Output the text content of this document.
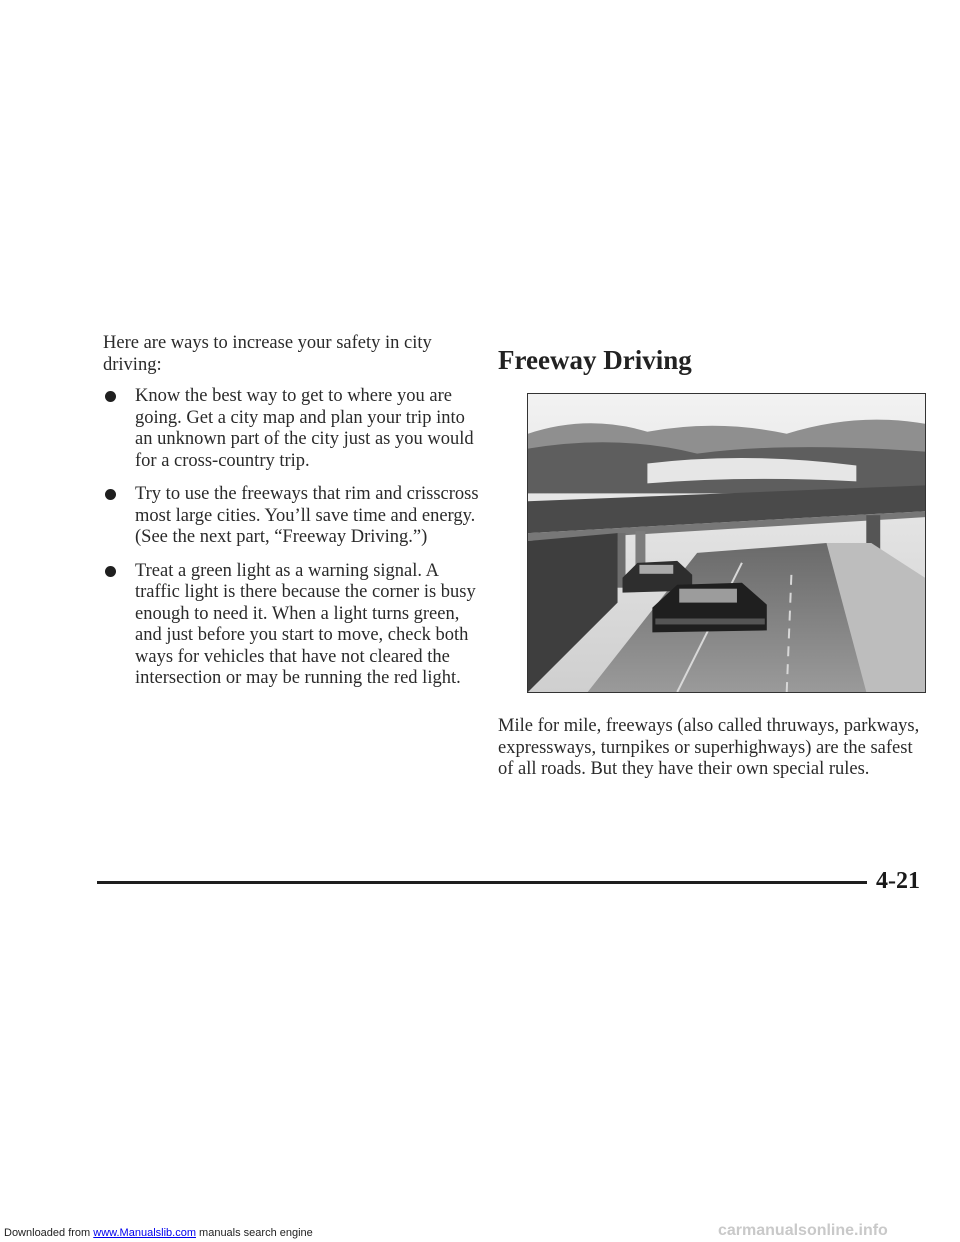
Here are ways to increase your safety in city driving:

Know the best way to get to where you are going. Get a city map and plan your trip into an unknown part of the city just as you would for a cross-country trip.
Try to use the freeways that rim and crisscross most large cities. You’ll save time and energy. (See the next part, “Freeway Driving.”)
Treat a green light as a warning signal. A traffic light is there because the corner is busy enough to need it. When a light turns green, and just before you start to move, check both ways for vehicles that have not cleared the intersection or may be running the red light.
Freeway Driving

Mile for mile, freeways (also called thruways, parkways, expressways, turnpikes or superhighways) are the safest of all roads. But they have their own special rules.

4-21
Downloaded from www.Manualslib.com manuals search engine	carmanualsonline.info
